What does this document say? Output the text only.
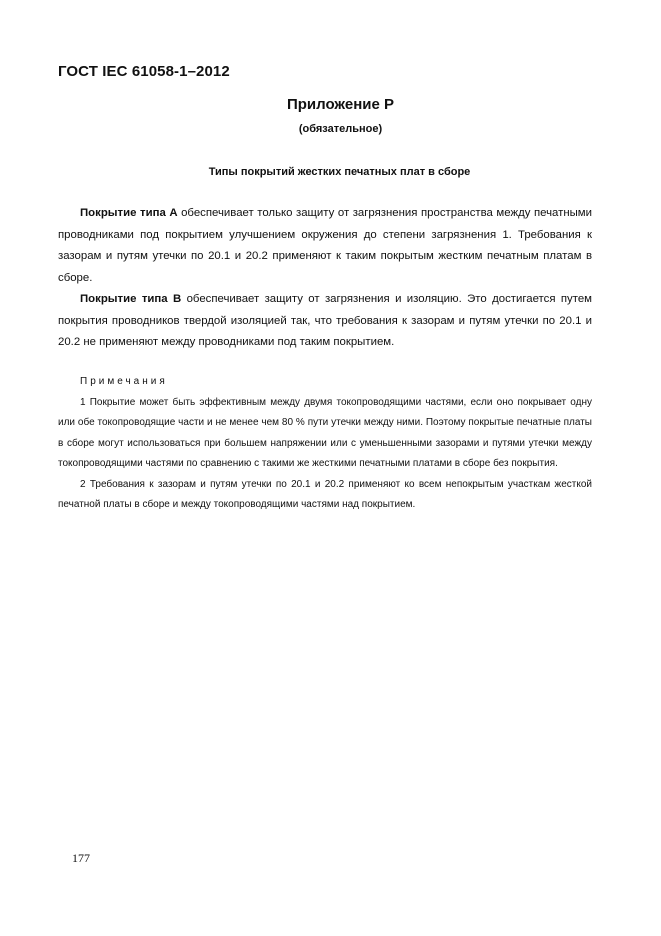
ГОСТ IEC 61058-1–2012
Приложение Р
(обязательное)
Типы покрытий жестких печатных плат в сборе

Покрытие типа А обеспечивает только защиту от загрязнения пространства между печатными проводниками под покрытием улучшением окружения до степени загрязнения 1. Требования к зазорам и путям утечки по 20.1 и 20.2 применяют к таким покрытым жестким печатным платам в сборе.

Покрытие типа В обеспечивает защиту от загрязнения и изоляцию. Это достигается путем покрытия проводников твердой изоляцией так, что требования к зазорам и путям утечки по 20.1 и 20.2 не применяют между проводниками под таким покрытием.

Примечания

1 Покрытие может быть эффективным между двумя токопроводящими частями, если оно покрывает одну или обе токопроводящие части и не менее чем 80 % пути утечки между ними. Поэтому покрытые печатные платы в сборе могут использоваться при большем напряжении или с уменьшенными зазорами и путями утечки между токопроводящими частями по сравнению с такими же жесткими печатными платами в сборе без покрытия.

2 Требования к зазорам и путям утечки по 20.1 и 20.2 применяют ко всем непокрытым участкам жесткой печатной платы в сборе и между токопроводящими частями над покрытием.

177
